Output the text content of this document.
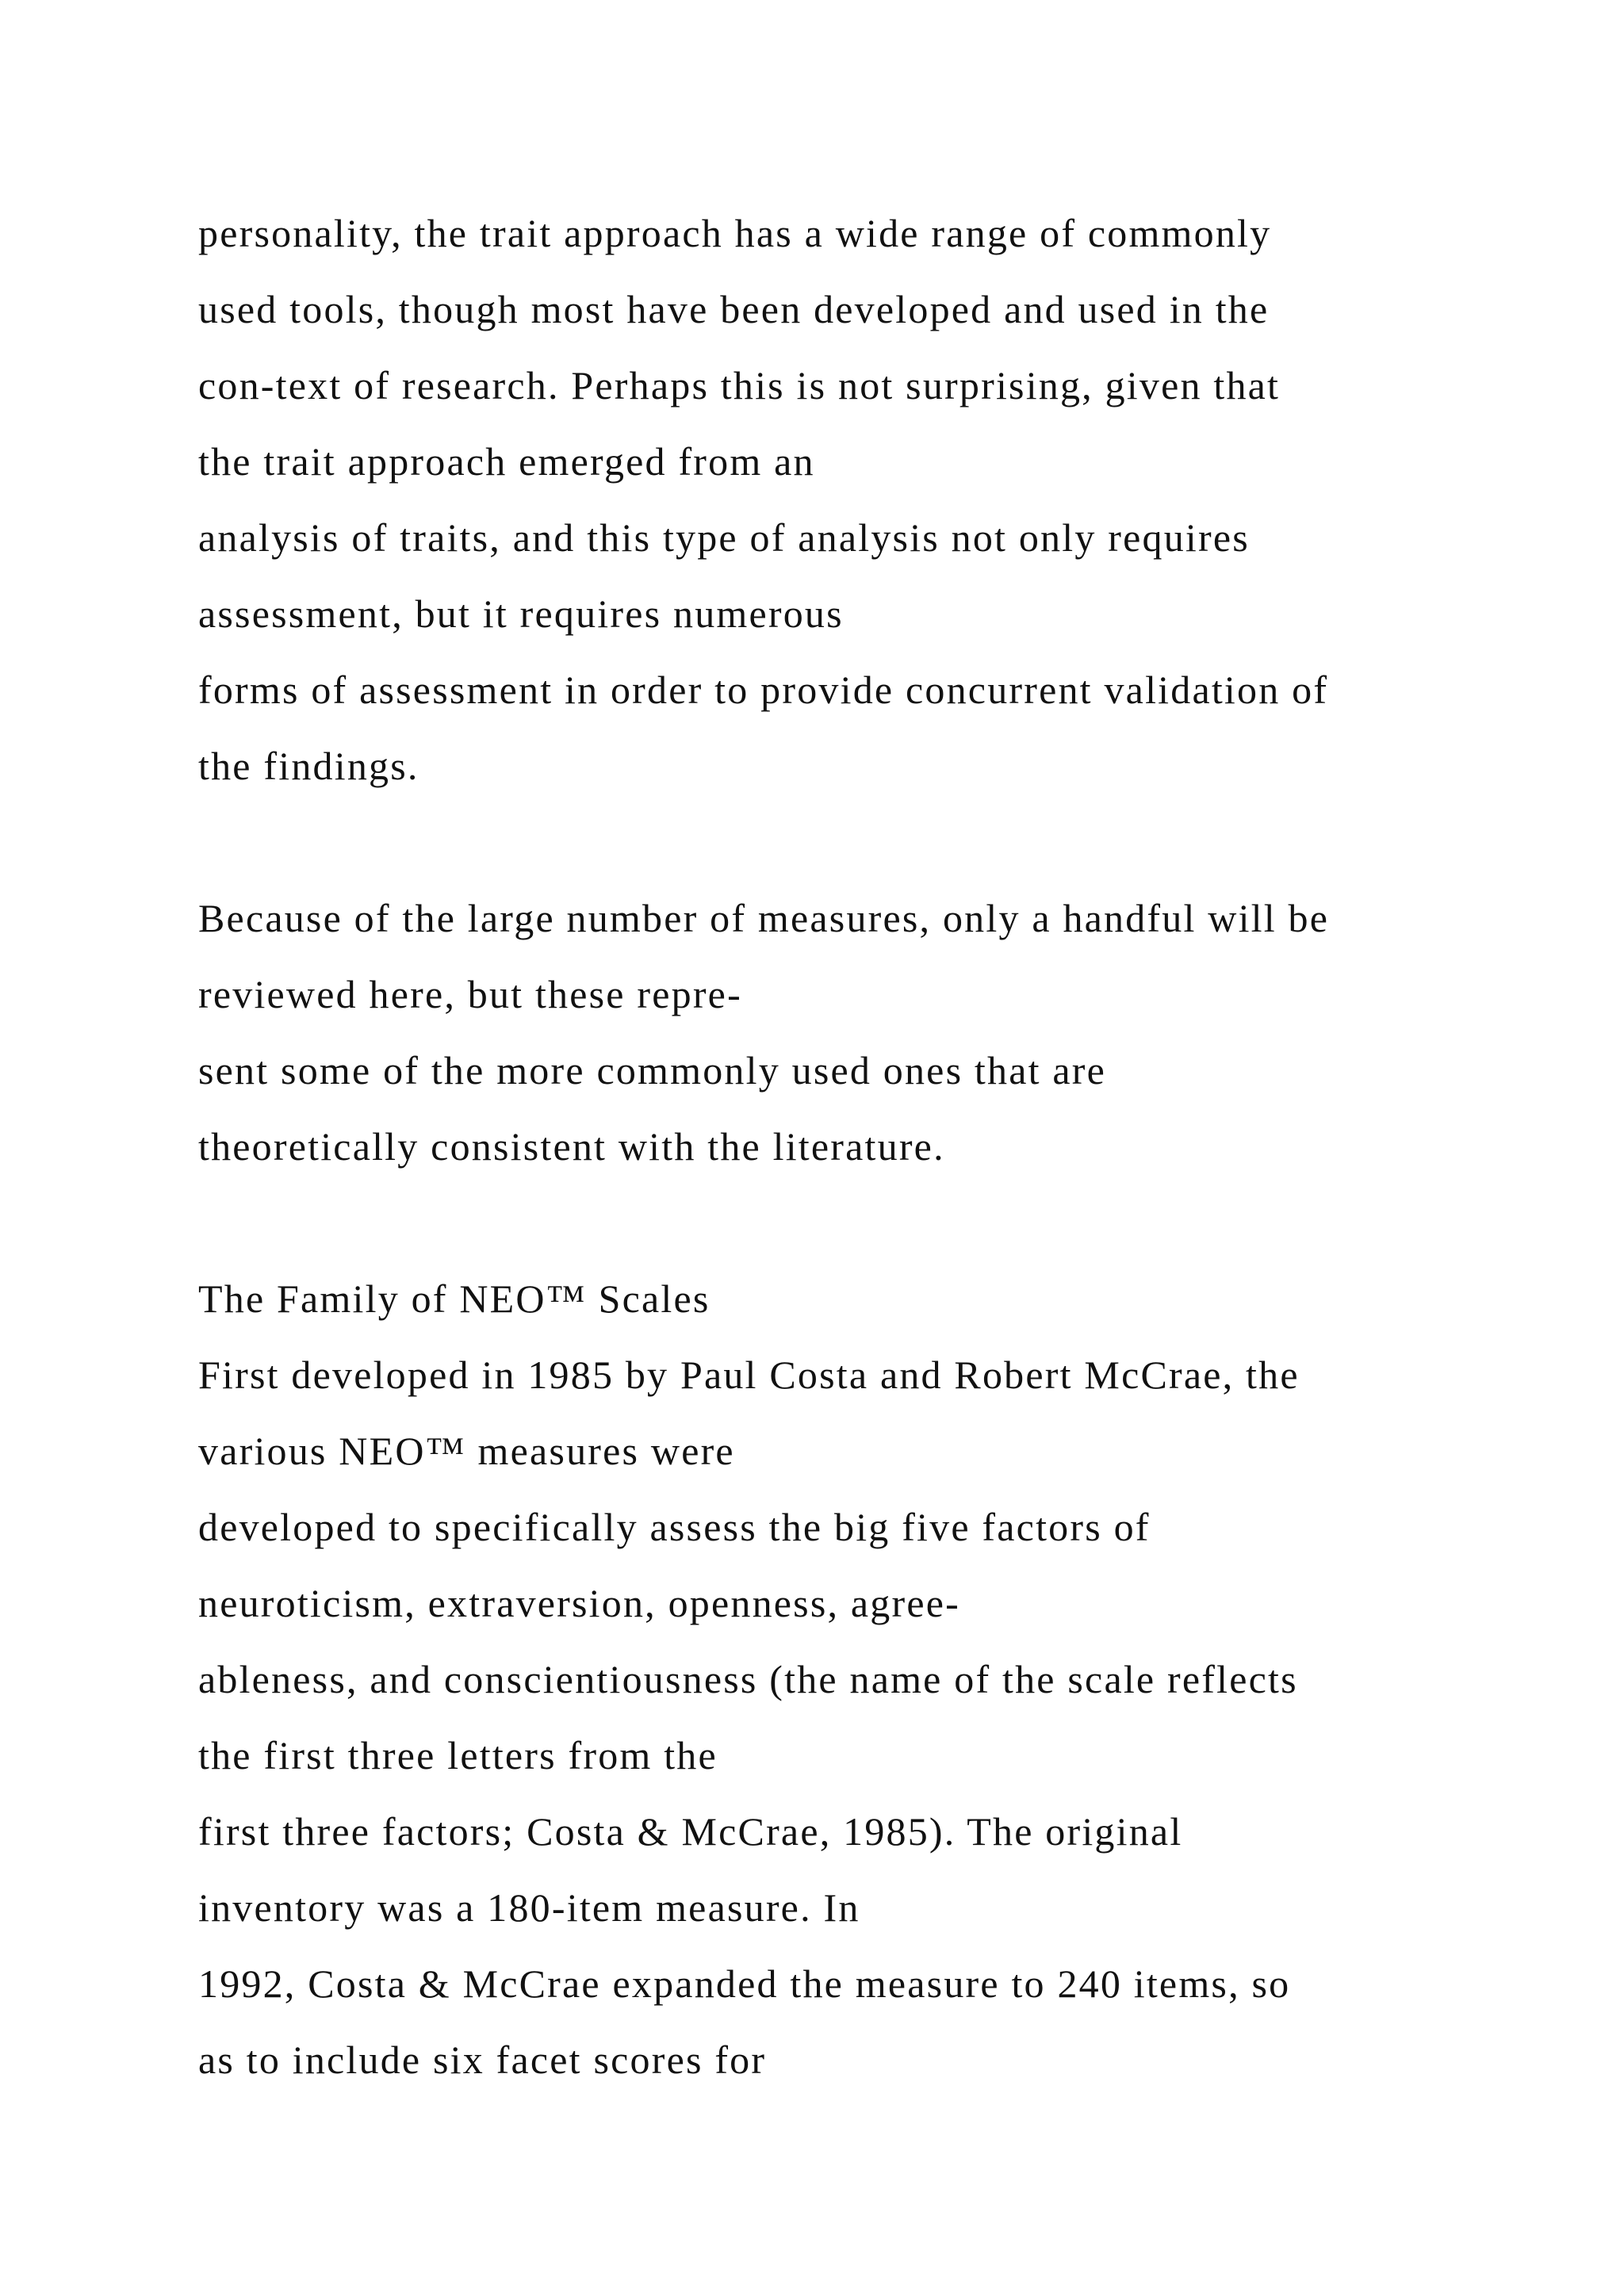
personality, the trait approach has a wide range of commonly
used tools, though most have been developed and used in the
con-text of research. Perhaps this is not surprising, given that
the trait approach emerged from an
analysis of traits, and this type of analysis not only requires
assessment, but it requires numerous
forms of assessment in order to provide concurrent validation of
the findings.
Because of the large number of measures, only a handful will be
reviewed here, but these repre-
sent some of the more commonly used ones that are
theoretically consistent with the literature.
The Family of NEO™ Scales
First developed in 1985 by Paul Costa and Robert McCrae, the
various NEO™ measures were
developed to specifically assess the big five factors of
neuroticism, extraversion, openness, agree-
ableness, and conscientiousness (the name of the scale reflects
the first three letters from the
first three factors; Costa & McCrae, 1985). The original
inventory was a 180-item measure. In
1992, Costa & McCrae expanded the measure to 240 items, so
as to include six facet scores for
